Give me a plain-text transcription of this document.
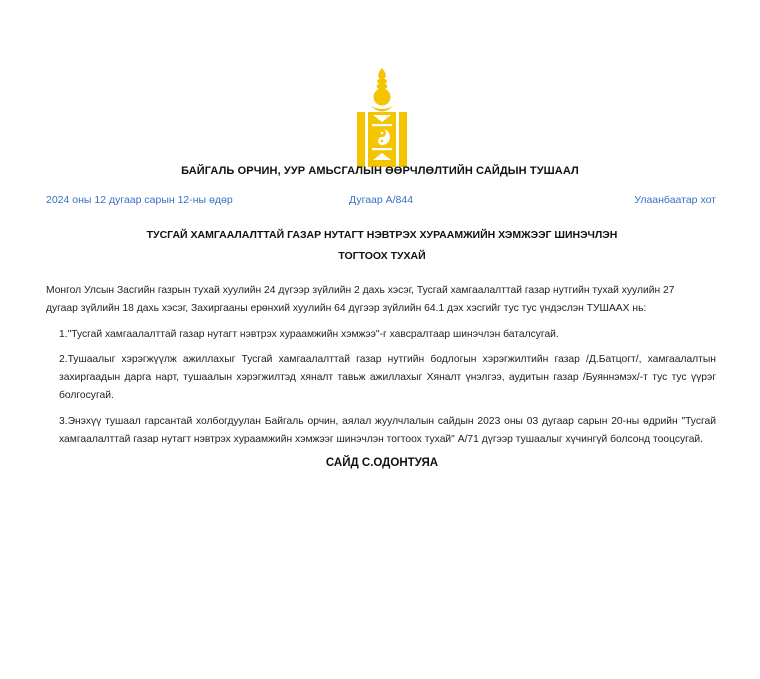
БАЙГАЛЬ ОРЧИН, УУР АМЬСГАЛЫН ӨӨРЧЛӨЛТИЙН САЙДЫН ТУШААЛ
2024 оны 12 дугаар сарын 12-ны өдөр	Дугаар А/844	Улаанбаатар хот
ТУСГАЙ ХАМГААЛАЛТТАЙ ГАЗАР НУТАГТ НЭВТРЭХ ХУРААМЖИЙН ХЭМЖЭЭГ ШИНЭЧЛЭН
ТОГТООХ ТУХАЙ
Монгол Улсын Засгийн газрын тухай хуулийн 24 дүгээр зүйлийн 2 дахь хэсэг, Тусгай хамгаалалттай газар нутгийн тухай хуулийн 27 дугаар зүйлийн 18 дахь хэсэг, Захиргааны ерөнхий хуулийн 64 дүгээр зүйлийн 64.1 дэх хэсгийг тус тус үндэслэн ТУШААХ нь:
1."Тусгай хамгаалалттай газар нутагт нэвтрэх хураамжийн хэмжээ"-г хавсралтаар шинэчлэн баталсугай.
2.Тушаалыг хэрэгжүүлж ажиллахыг Тусгай хамгаалалттай газар нутгийн бодлогын хэрэгжилтийн газар /Д.Батцогт/, хамгаалалтын захиргаадын дарга нарт, тушаалын хэрэгжилтэд хяналт тавьж ажиллахыг Хяналт үнэлгээ, аудитын газар /Буяннэмэх/-т тус тус үүрэг болгосугай.
3.Энэхүү тушаал гарсантай холбогдуулан Байгаль орчин, аялал жуулчлалын сайдын 2023 оны 03 дугаар сарын 20-ны өдрийн "Тусгай хамгаалалттай газар нутагт нэвтрэх хураамжийн хэмжээг шинэчлэн тогтоох тухай" А/71 дүгээр тушаалыг хүчингүй болсонд тооцсугай.
САЙД С.ОДОНТУЯА
